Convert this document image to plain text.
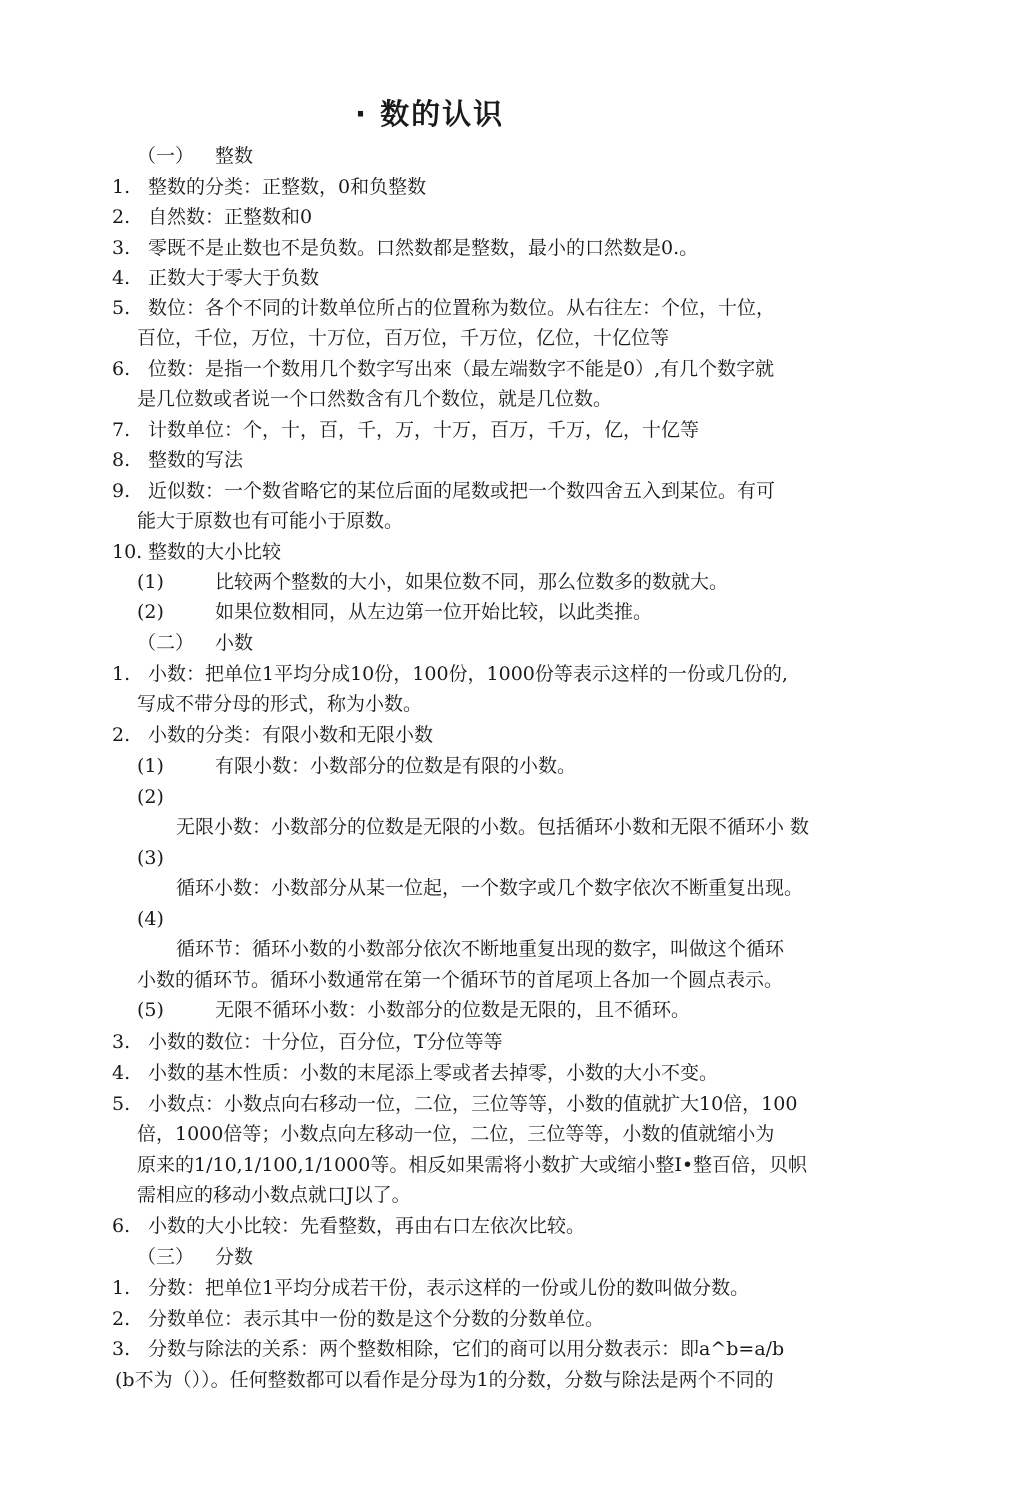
· 数的认识
（一） 整数
1. 整数的分类：正整数，0和负整数
2. 自然数：正整数和0
3. 零既不是止数也不是负数。口然数都是整数，最小的口然数是0.。
4. 正数大于零大于负数
5. 数位：各个不同的计数单位所占的位置称为数位。从右往左：个位，十位，
百位，千位，万位，十万位，百万位，千万位，亿位，十亿位等
6. 位数：是指一个数用几个数字写出來（最左端数字不能是0）,有几个数字就
是几位数或者说一个口然数含有几个数位，就是几位数。
7. 计数单位：个，十，百，千，万，十万，百万，千万，亿，十亿等
8. 整数的写法
9. 近似数：一个数省略它的某位后面的尾数或把一个数四舍五入到某位。有可
能大于原数也有可能小于原数。
10. 整数的大小比较
(1)	比较两个整数的大小，如果位数不同，那么位数多的数就大。
(2)	如果位数相同，从左边第一位开始比较，以此类推。
（二） 小数
1. 小数：把单位1平均分成10份，100份，1000份等表示这样的一份或几份的,
写成不带分母的形式，称为小数。
2. 小数的分类：有限小数和无限小数
(1)	有限小数：小数部分的位数是有限的小数。
(2)
无限小数：小数部分的位数是无限的小数。包括循环小数和无限不循环小 数
(3)
循环小数：小数部分从某一位起，一个数字或几个数字依次不断重复出现。
(4)
循环节：循环小数的小数部分依次不断地重复出现的数字，叫做这个循环
小数的循环节。循环小数通常在第一个循环节的首尾项上各加一个圆点表示。
(5)	无限不循环小数：小数部分的位数是无限的，且不循环。
3. 小数的数位：十分位，百分位，T分位等等
4. 小数的基木性质：小数的末尾添上零或者去掉零，小数的大小不变。
5. 小数点：小数点向右移动一位，二位，三位等等，小数的值就扩大10倍，100
倍，1000倍等；小数点向左移动一位，二位，三位等等，小数的值就缩小为
原来的1/10,1/100,1/1000等。相反如果需将小数扩大或缩小整I•整百倍，贝帜
需相应的移动小数点就口J以了。
6. 小数的大小比较：先看整数，再由右口左依次比较。
（三） 分数
1. 分数：把单位1平均分成若干份，表示这样的一份或儿份的数叫做分数。
2. 分数单位：表示其中一份的数是这个分数的分数单位。
3. 分数与除法的关系：两个整数相除，它们的商可以用分数表示：即a^b=a/b
(b不为（））。任何整数都可以看作是分母为1的分数，分数与除法是两个不同的
